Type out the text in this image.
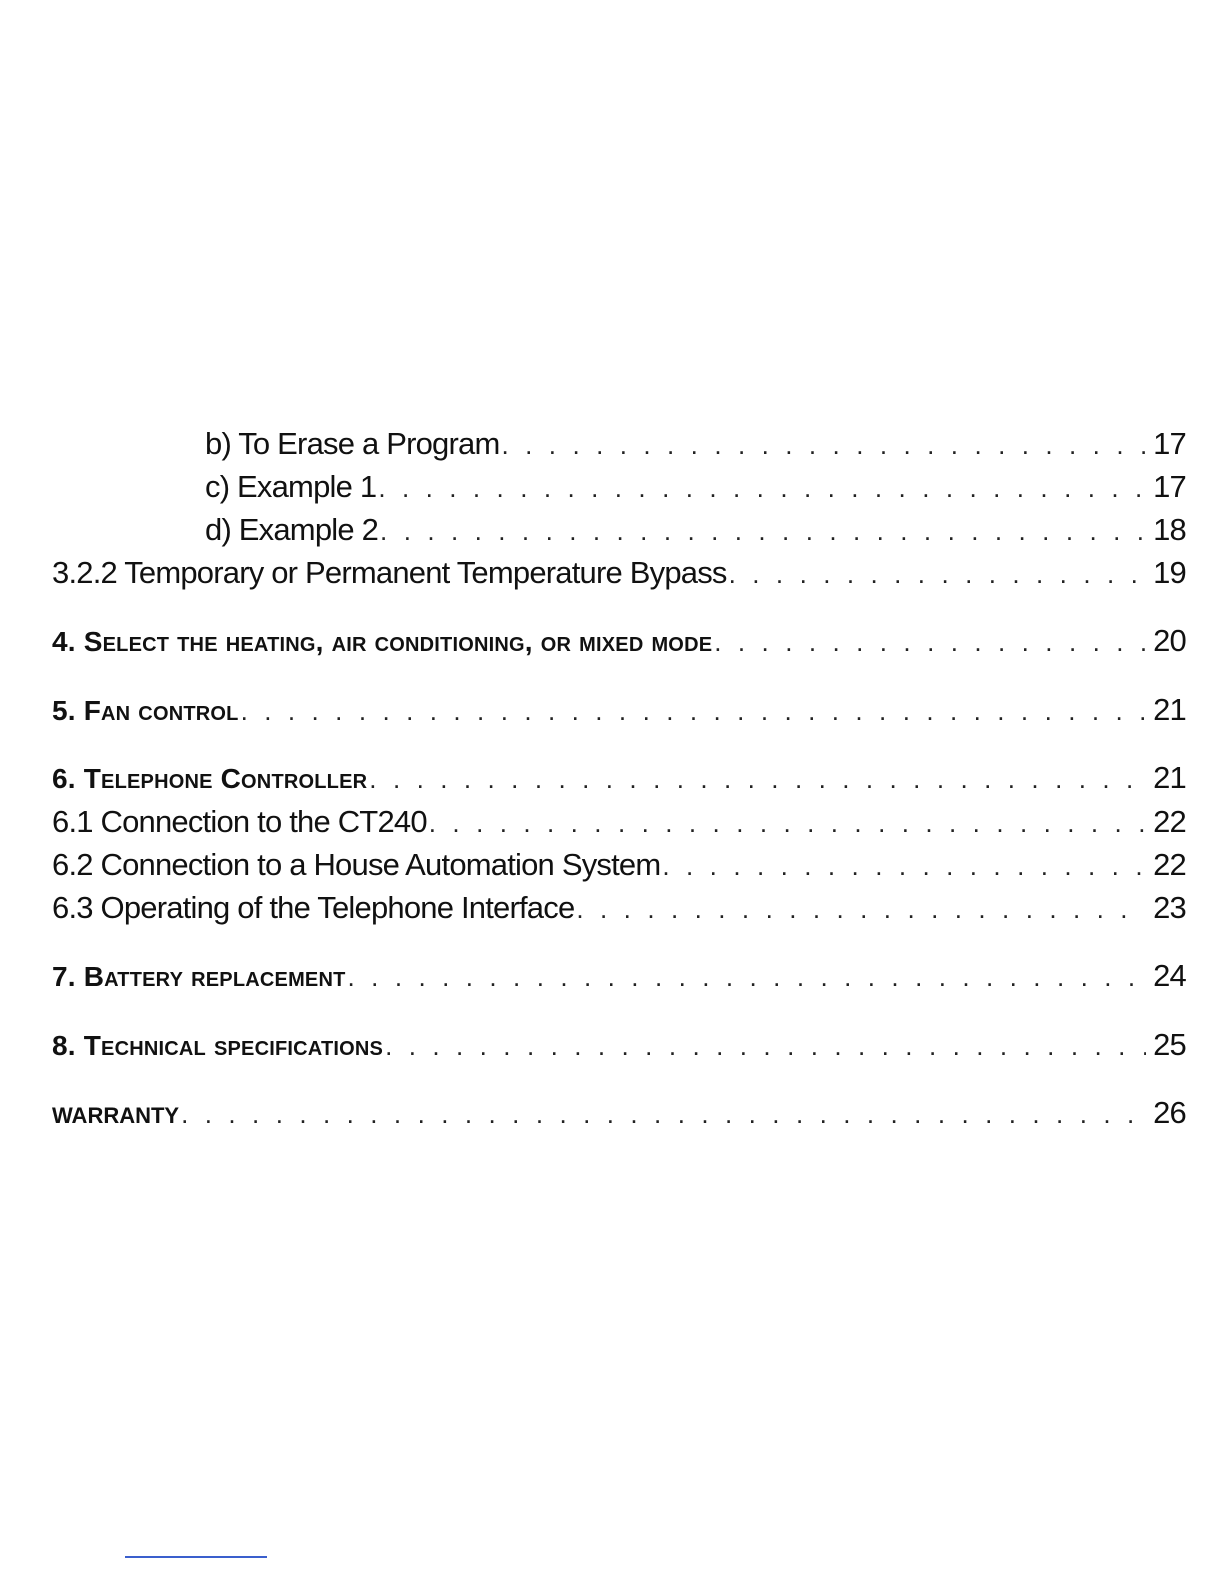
b) To Erase a Program . . .	17
c) Example 1 . . .	17
d) Example 2 . . .	18
3.2.2 Temporary or Permanent Temperature Bypass . . .	19
4. Select the heating, air conditioning, or mixed mode . . .	20
5. Fan control . . .	21
6. Telephone Controller . . .	21
6.1 Connection to the CT240 . . .	22
6.2 Connection to a House Automation System . . .	22
6.3 Operating of the Telephone Interface . . .	23
7. Battery replacement . . .	24
8. Technical specifications . . .	25
WARRANTY . . .	26
